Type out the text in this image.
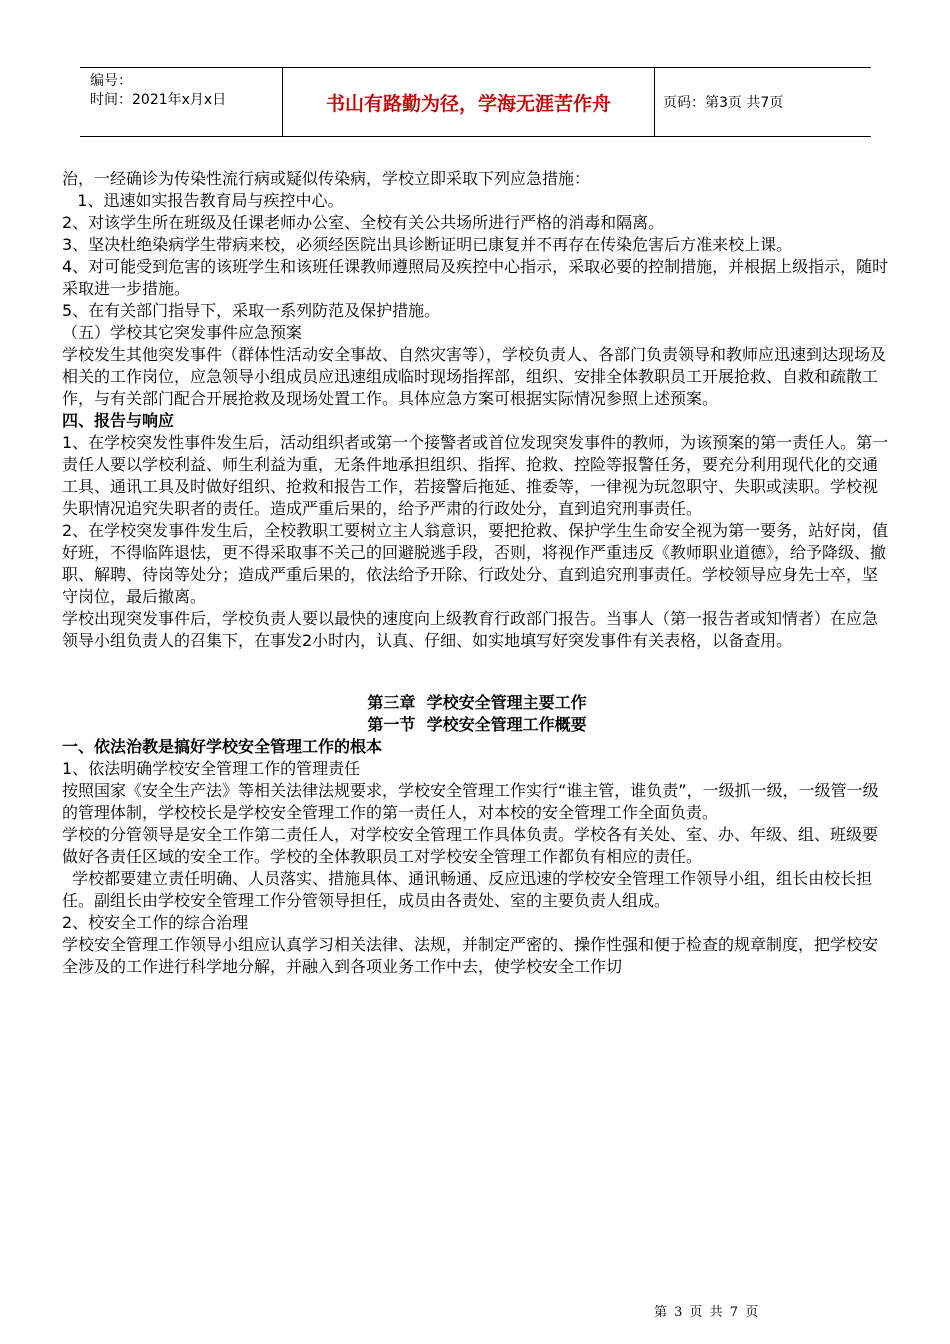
编号：
时间：2021年x月x日	书山有路勤为径，学海无涯苦作舟	页码：第3页 共7页
治，一经确诊为传染性流行病或疑似传染病，学校立即采取下列应急措施：
1、迅速如实报告教育局与疾控中心。
2、对该学生所在班级及任课老师办公室、全校有关公共场所进行严格的消毒和隔离。
3、坚决杜绝染病学生带病来校，必须经医院出具诊断证明已康复并不再存在传染危害后方准来校上课。
4、对可能受到危害的该班学生和该班任课教师遵照局及疾控中心指示，采取必要的控制措施，并根据上级指示，随时采取进一步措施。
5、在有关部门指导下，采取一系列防范及保护措施。
（五）学校其它突发事件应急预案
学校发生其他突发事件（群体性活动安全事故、自然灾害等），学校负责人、各部门负责领导和教师应迅速到达现场及相关的工作岗位，应急领导小组成员应迅速组成临时现场指挥部，组织、安排全体教职员工开展抢救、自救和疏散工作，与有关部门配合开展抢救及现场处置工作。具体应急方案可根据实际情况参照上述预案。
四、报告与响应
1、在学校突发性事件发生后，活动组织者或第一个接警者或首位发现突发事件的教师，为该预案的第一责任人。第一责任人要以学校利益、师生利益为重，无条件地承担组织、指挥、抢救、控险等报警任务，要充分利用现代化的交通工具、通讯工具及时做好组织、抢救和报告工作，若接警后拖延、推委等，一律视为玩忽职守、失职或渎职。学校视失职情况追究失职者的责任。造成严重后果的，给予严肃的行政处分，直到追究刑事责任。
2、在学校突发事件发生后，全校教职工要树立主人翁意识，要把抢救、保护学生生命安全视为第一要务，站好岗，值好班，不得临阵退怯，更不得采取事不关己的回避脱逃手段，否则，将视作严重违反《教师职业道德》，给予降级、撤职、解聘、待岗等处分；造成严重后果的，依法给予开除、行政处分、直到追究刑事责任。学校领导应身先士卒，坚守岗位，最后撤离。
学校出现突发事件后，学校负责人要以最快的速度向上级教育行政部门报告。当事人（第一报告者或知情者）在应急领导小组负责人的召集下，在事发2小时内，认真、仔细、如实地填写好突发事件有关表格，以备查用。
第三章  学校安全管理主要工作
第一节  学校安全管理工作概要
一、依法治教是搞好学校安全管理工作的根本
1、依法明确学校安全管理工作的管理责任
按照国家《安全生产法》等相关法律法规要求，学校安全管理工作实行“谁主管，谁负责”，一级抓一级，一级管一级的管理体制，学校校长是学校安全管理工作的第一责任人，对本校的安全管理工作全面负责。
学校的分管领导是安全工作第二责任人，对学校安全管理工作具体负责。学校各有关处、室、办、年级、组、班级要做好各责任区域的安全工作。学校的全体教职员工对学校安全管理工作都负有相应的责任。
学校都要建立责任明确、人员落实、措施具体、通讯畅通、反应迅速的学校安全管理工作领导小组，组长由校长担任。副组长由学校安全管理工作分管领导担任，成员由各责处、室的主要负责人组成。
2、校安全工作的综合治理
学校安全管理工作领导小组应认真学习相关法律、法规，并制定严密的、操作性强和便于检查的规章制度，把学校安全涉及的工作进行科学地分解，并融入到各项业务工作中去，使学校安全工作切
第 3 页 共 7 页
